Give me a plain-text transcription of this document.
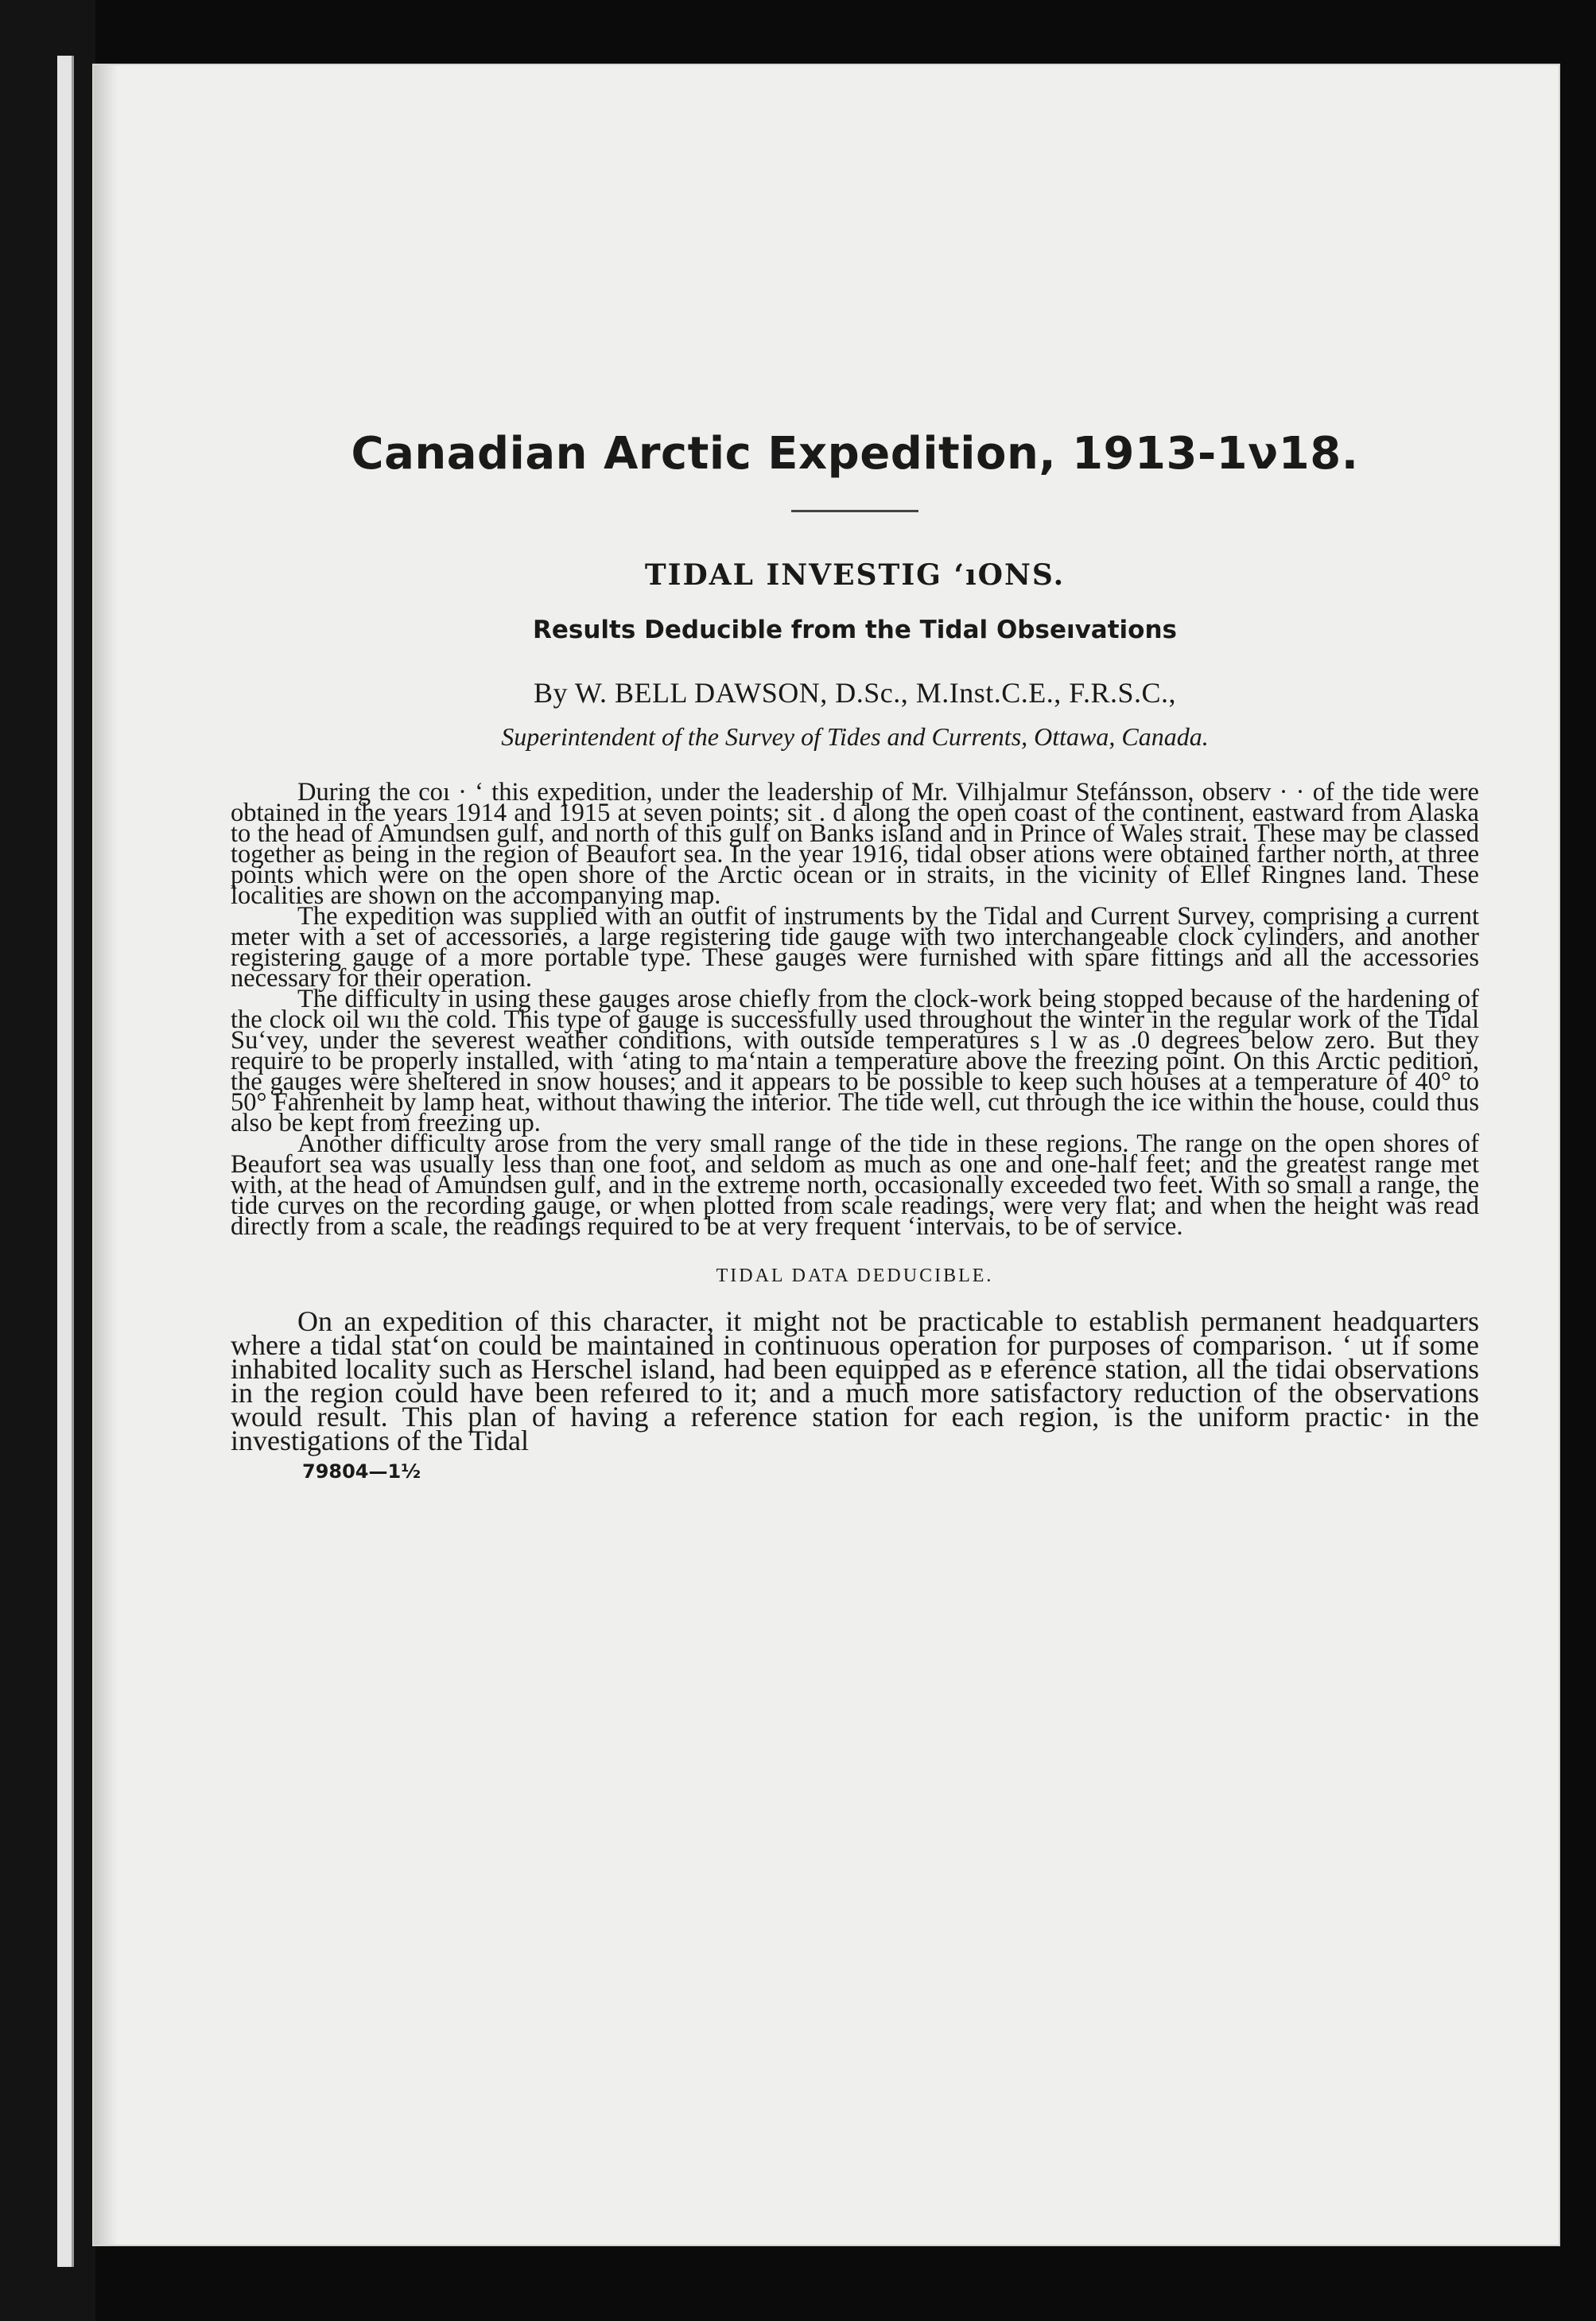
Canadian Arctic Expedition, 1913-1ν18.
TIDAL INVESTIG ʻıONS.
Results Deducible from the Tidal Obseıvations
By W. BELL DAWSON, D.Sc., M.Inst.C.E., F.R.S.C.,
Superintendent of the Survey of Tides and Currents, Ottawa, Canada.

During the coı · ʻ this expedition, under the leadership of Mr. Vilhjalmur Stefánsson, observ · · of the tide were obtained in the years 1914 and 1915 at seven points; sit . d along the open coast of the continent, eastward from Alaska to the head of Amundsen gulf, and north of this gulf on Banks island and in Prince of Wales strait. These may be classed together as being in the region of Beaufort sea. In the year 1916, tidal obser ations were obtained farther north, at three points which were on the open shore of the Arctic ocean or in straits, in the vicinity of Ellef Ringnes land. These localities are shown on the accompanying map.

The expedition was supplied with an outfit of instruments by the Tidal and Current Survey, comprising a current meter with a set of accessories, a large registering tide gauge with two interchangeable clock cylinders, and another registering gauge of a more portable type. These gauges were furnished with spare fittings and all the accessories necessary for their operation.

The difficulty in using these gauges arose chiefly from the clock-work being stopped because of the hardening of the clock oil wıı the cold. This type of gauge is successfully used throughout the winter in the regular work of the Tidal Suʻvey, under the severest weather conditions, with outside temperatures s l w as .0 degrees below zero. But they require to be properly installed, with ʻating to maʻntain a temperature above the freezing point. On this Arctic pedition, the gauges were sheltered in snow houses; and it appears to be possible to keep such houses at a temperature of 40° to 50° Fahrenheit by lamp heat, without thawing the interior. The tide well, cut through the ice within the house, could thus also be kept from freezing up.

Another difficulty arose from the very small range of the tide in these regions. The range on the open shores of Beaufort sea was usually less than one foot, and seldom as much as one and one-half feet; and the greatest range met with, at the head of Amundsen gulf, and in the extreme north, occasionally exceeded two feet. With so small a range, the tide curves on the recording gauge, or when plotted from scale readings, were very flat; and when the height was read directly from a scale, the readings required to be at very frequent ʻintervais, to be of service.

TIDAL DATA DEDUCIBLE.

On an expedition of this character, it might not be practicable to establish permanent headquarters where a tidal statʻon could be maintained in continuous operation for purposes of comparison. ʻ ut if some inhabited locality such as Herschel island, had been equipped as ɐ eference station, all the tidai observations in the region could have been refeıred to it; and a much more satisfactory reduction of the observations would result. This plan of having a reference station for each region, is the uniform practic· in the investigations of the Tidal

79804—1½
